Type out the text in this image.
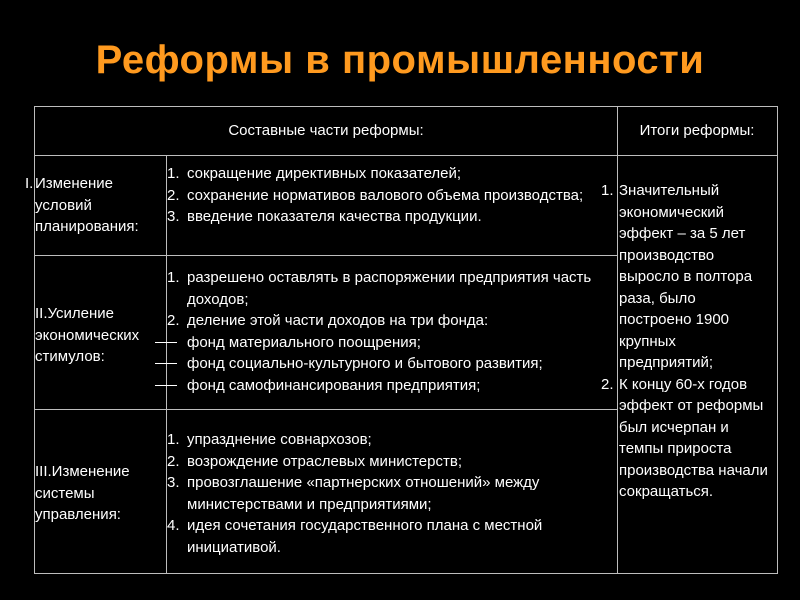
Реформы в промышленности
Составные части реформы:	Итоги реформы:
I. Изменение условий планирования:
1. сокращение директивных показателей;
2. сохранение нормативов валового объема производства;
3. введение показателя качества продукции.
II.Усиление экономических стимулов:
1. разрешено оставлять в распоряжении предприятия часть доходов;
2. деление этой части доходов на три фонда:
фонд материального поощрения;
фонд социально-культурного и бытового развития;
фонд самофинансирования предприятия;
III.Изменение системы управления:
1. упразднение совнархозов;
2. возрождение отраслевых министерств;
3. провозглашение «партнерских отношений» между министерствами и предприятиями;
4. идея сочетания государственного плана с местной инициативой.
1. Значительный экономический эффект – за 5 лет производство выросло в полтора раза, было построено 1900 крупных предприятий;
2. К концу 60-х годов эффект от реформы был исчерпан и темпы прироста производства начали сокращаться.
